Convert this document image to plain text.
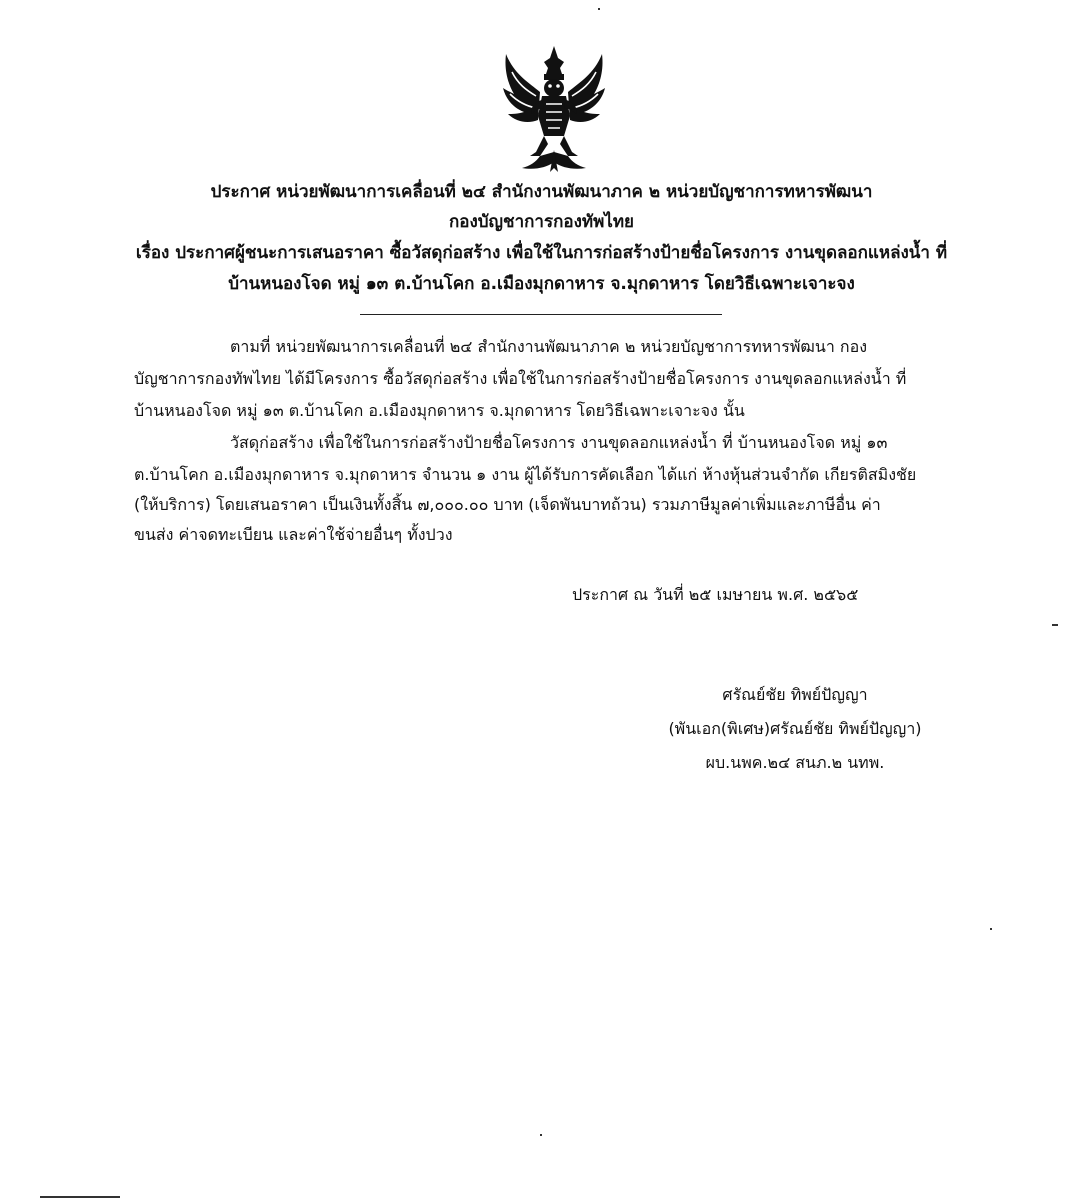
ประกาศ หน่วยพัฒนาการเคลื่อนที่ ๒๔ สำนักงานพัฒนาภาค ๒ หน่วยบัญชาการทหารพัฒนา
กองบัญชาการกองทัพไทย
เรื่อง ประกาศผู้ชนะการเสนอราคา ซื้อวัสดุก่อสร้าง เพื่อใช้ในการก่อสร้างป้ายชื่อโครงการ งานขุดลอกแหล่งน้ำ ที่
บ้านหนองโจด หมู่ ๑๓ ต.บ้านโคก อ.เมืองมุกดาหาร จ.มุกดาหาร โดยวิธีเฉพาะเจาะจง
ตามที่ หน่วยพัฒนาการเคลื่อนที่ ๒๔ สำนักงานพัฒนาภาค ๒ หน่วยบัญชาการทหารพัฒนา กอง
บัญชาการกองทัพไทย ได้มีโครงการ ซื้อวัสดุก่อสร้าง เพื่อใช้ในการก่อสร้างป้ายชื่อโครงการ งานขุดลอกแหล่งน้ำ ที่
บ้านหนองโจด หมู่ ๑๓ ต.บ้านโคก อ.เมืองมุกดาหาร จ.มุกดาหาร โดยวิธีเฉพาะเจาะจง นั้น
วัสดุก่อสร้าง เพื่อใช้ในการก่อสร้างป้ายชื่อโครงการ งานขุดลอกแหล่งน้ำ ที่ บ้านหนองโจด หมู่ ๑๓
ต.บ้านโคก อ.เมืองมุกดาหาร จ.มุกดาหาร จำนวน ๑ งาน ผู้ได้รับการคัดเลือก ได้แก่ ห้างหุ้นส่วนจำกัด เกียรติสมิงชัย
(ให้บริการ) โดยเสนอราคา เป็นเงินทั้งสิ้น ๗,๐๐๐.๐๐ บาท (เจ็ดพันบาทถ้วน) รวมภาษีมูลค่าเพิ่มและภาษีอื่น ค่า
ขนส่ง ค่าจดทะเบียน และค่าใช้จ่ายอื่นๆ ทั้งปวง
ประกาศ ณ วันที่ ๒๕ เมษายน พ.ศ. ๒๕๖๕
ศรัณย์ชัย ทิพย์ปัญญา
(พันเอก(พิเศษ)ศรัณย์ชัย ทิพย์ปัญญา)
ผบ.นพค.๒๔ สนภ.๒ นทพ.
